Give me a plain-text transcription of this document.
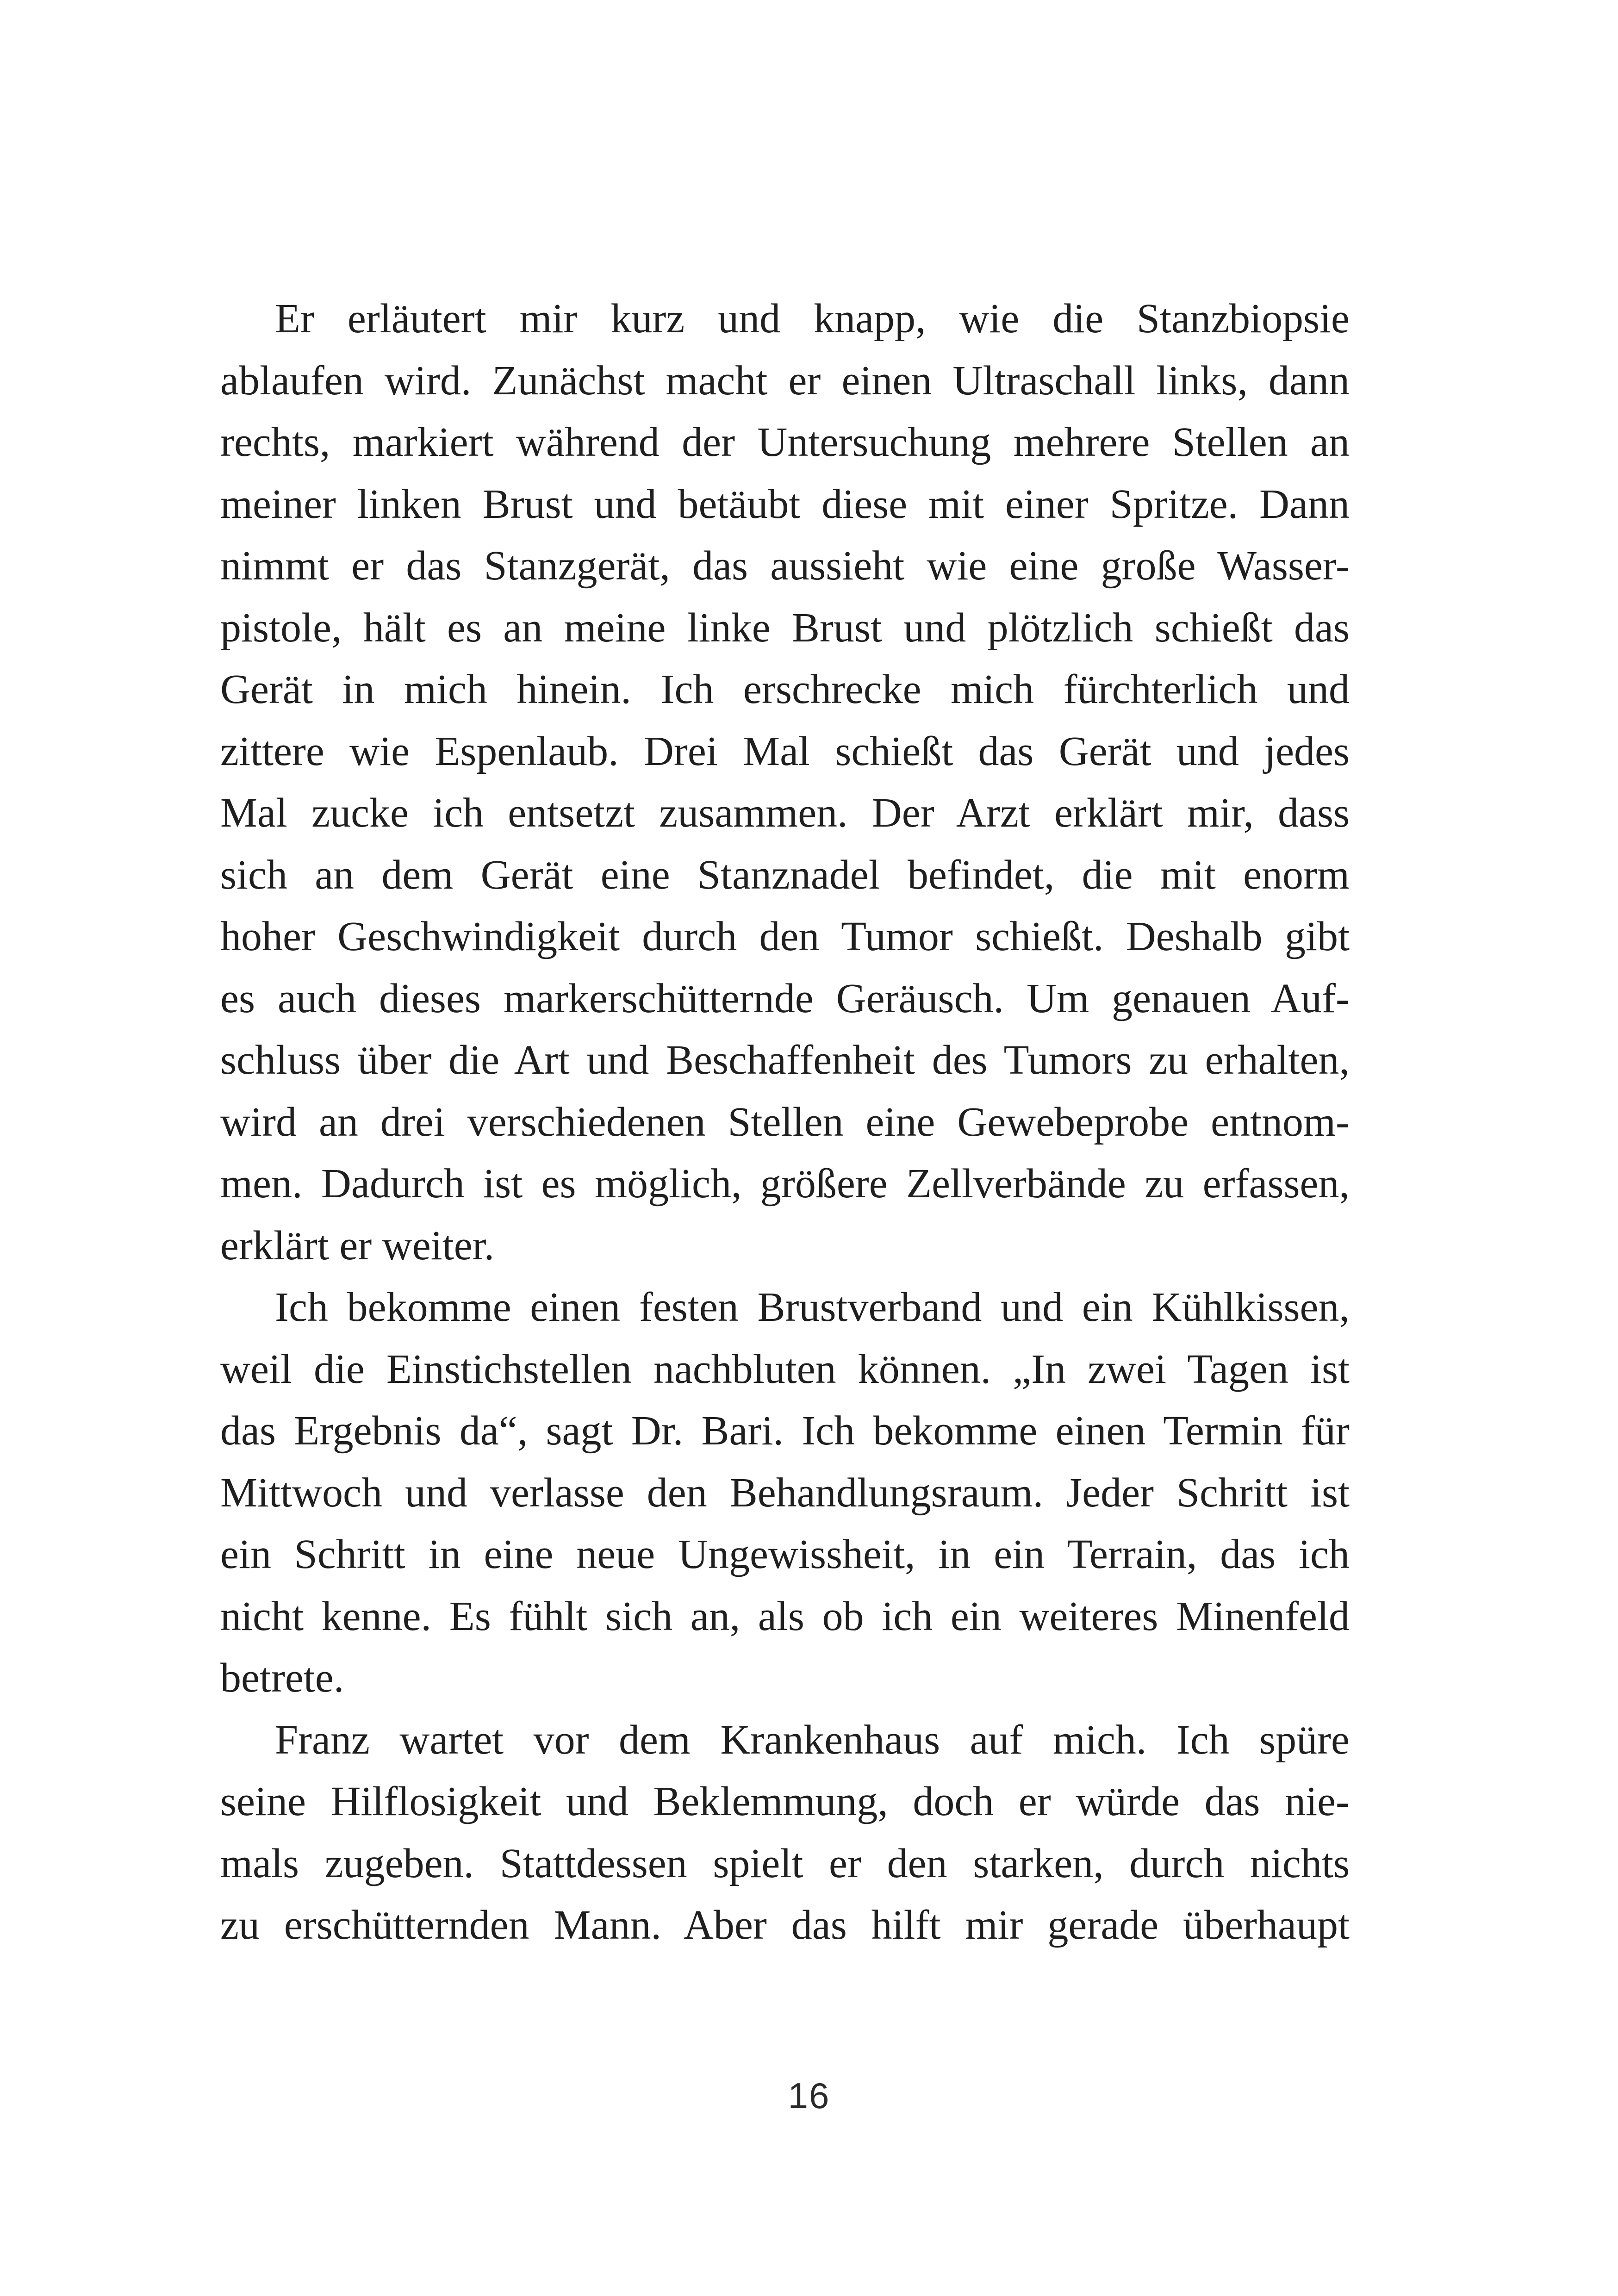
Er erläutert mir kurz und knapp, wie die Stanzbiopsie
ablaufen wird. Zunächst macht er einen Ultraschall links, dann
rechts, markiert während der Untersuchung mehrere Stellen an
meiner linken Brust und betäubt diese mit einer Spritze. Dann
nimmt er das Stanzgerät, das aussieht wie eine große Wasser-
pistole, hält es an meine linke Brust und plötzlich schießt das
Gerät in mich hinein. Ich erschrecke mich fürchterlich und
zittere wie Espenlaub. Drei Mal schießt das Gerät und jedes
Mal zucke ich entsetzt zusammen. Der Arzt erklärt mir, dass
sich an dem Gerät eine Stanznadel befindet, die mit enorm
hoher Geschwindigkeit durch den Tumor schießt. Deshalb gibt
es auch dieses markerschütternde Geräusch. Um genauen Auf-
schluss über die Art und Beschaffenheit des Tumors zu erhalten,
wird an drei verschiedenen Stellen eine Gewebeprobe entnom-
men. Dadurch ist es möglich, größere Zellverbände zu erfassen,
erklärt er weiter.
Ich bekomme einen festen Brustverband und ein Kühlkissen,
weil die Einstichstellen nachbluten können. „In zwei Tagen ist
das Ergebnis da“, sagt Dr. Bari. Ich bekomme einen Termin für
Mittwoch und verlasse den Behandlungsraum. Jeder Schritt ist
ein Schritt in eine neue Ungewissheit, in ein Terrain, das ich
nicht kenne. Es fühlt sich an, als ob ich ein weiteres Minenfeld
betrete.
Franz wartet vor dem Krankenhaus auf mich. Ich spüre
seine Hilflosigkeit und Beklemmung, doch er würde das nie-
mals zugeben. Stattdessen spielt er den starken, durch nichts
zu erschütternden Mann. Aber das hilft mir gerade überhaupt
16
